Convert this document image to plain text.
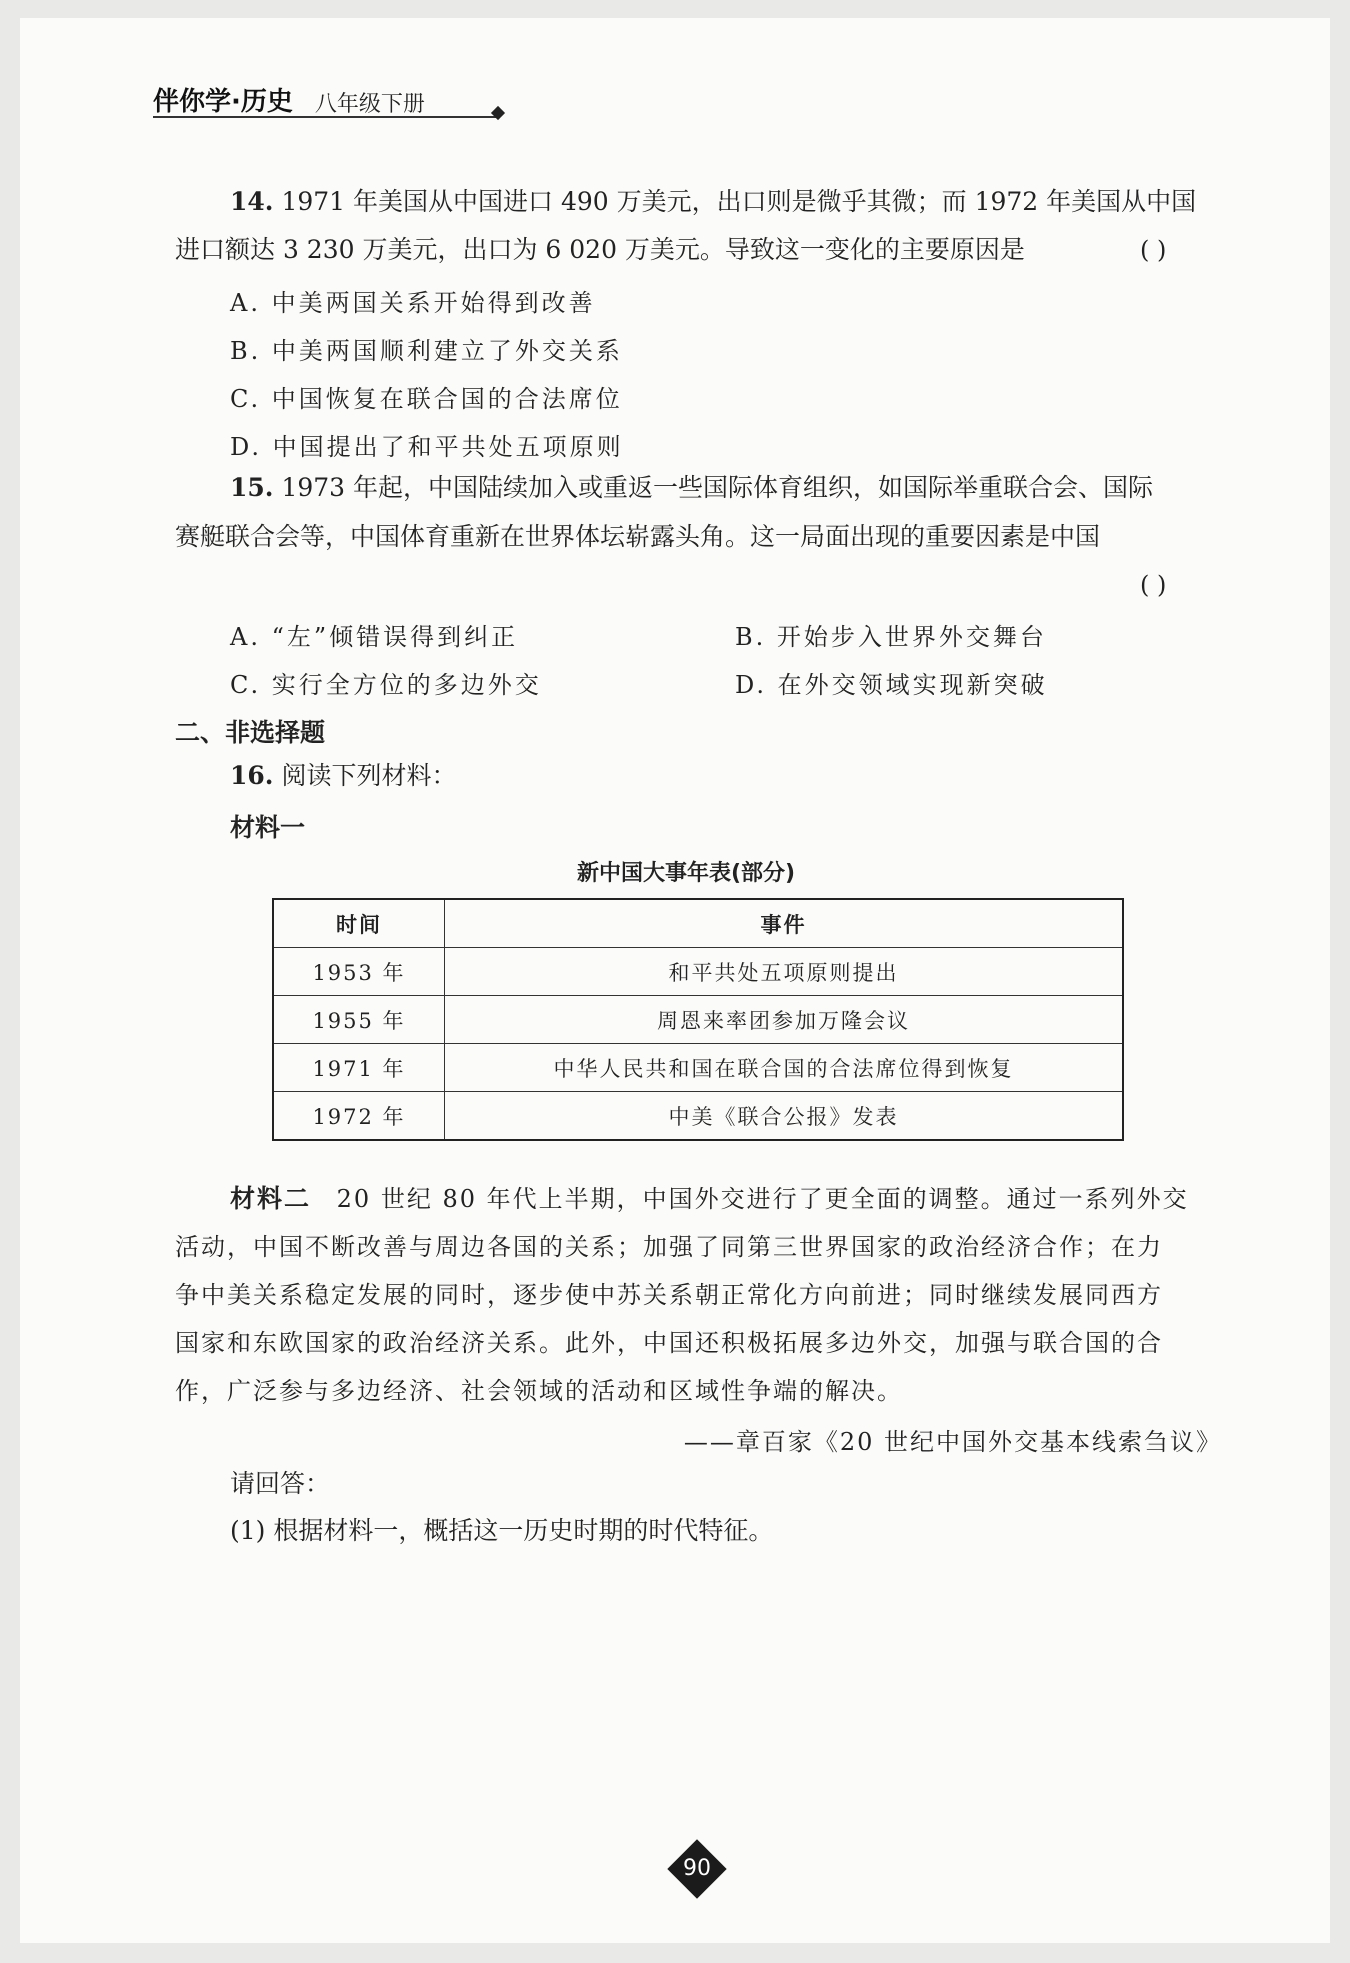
伴你学·历史 八年级下册
14. 1971 年美国从中国进口 490 万美元，出口则是微乎其微；而 1972 年美国从中国
进口额达 3 230 万美元，出口为 6 020 万美元。导致这一变化的主要原因是	( )
A. 中美两国关系开始得到改善
B. 中美两国顺利建立了外交关系
C. 中国恢复在联合国的合法席位
D. 中国提出了和平共处五项原则
15. 1973 年起，中国陆续加入或重返一些国际体育组织，如国际举重联合会、国际
赛艇联合会等，中国体育重新在世界体坛崭露头角。这一局面出现的重要因素是中国
( )
A. “左”倾错误得到纠正	B. 开始步入世界外交舞台
C. 实行全方位的多边外交	D. 在外交领域实现新突破
二、非选择题
16. 阅读下列材料：
材料一
新中国大事年表(部分)
时间	事件
1953 年	和平共处五项原则提出
1955 年	周恩来率团参加万隆会议
1971 年	中华人民共和国在联合国的合法席位得到恢复
1972 年	中美《联合公报》发表
材料二 20 世纪 80 年代上半期，中国外交进行了更全面的调整。通过一系列外交
活动，中国不断改善与周边各国的关系；加强了同第三世界国家的政治经济合作；在力
争中美关系稳定发展的同时，逐步使中苏关系朝正常化方向前进；同时继续发展同西方
国家和东欧国家的政治经济关系。此外，中国还积极拓展多边外交，加强与联合国的合
作，广泛参与多边经济、社会领域的活动和区域性争端的解决。
——章百家《20 世纪中国外交基本线索刍议》
请回答：
(1) 根据材料一，概括这一历史时期的时代特征。
90
